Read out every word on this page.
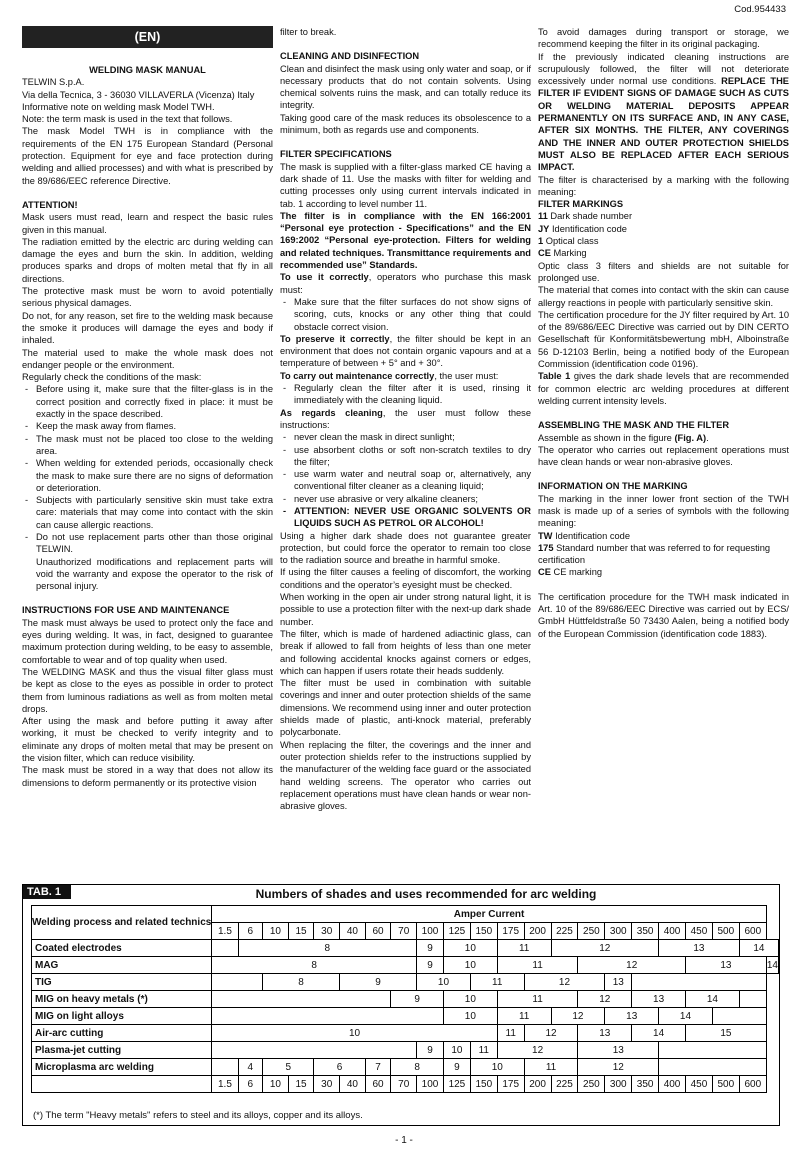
Cod.954433
(EN)

WELDING MASK MANUAL

TELWIN S.p.A.

Via della Tecnica, 3 - 36030 VILLAVERLA (Vicenza) Italy

Informative note on welding mask Model TWH.

Note: the term mask is used in the text that follows.

The mask Model TWH is in compliance with the requirements of the EN 175 European Standard (Personal protection. Equipment for eye and face protection during welding and allied processes) and with what is prescribed by the 89/686/EEC reference Directive.

ATTENTION!

Mask users must read, learn and respect the basic rules given in this manual.

The radiation emitted by the electric arc during welding can damage the eyes and burn the skin. In addition, welding produces sparks and drops of molten metal that fly in all directions.

The protective mask must be worn to avoid potentially serious physical damages.

Do not, for any reason, set fire to the welding mask because the smoke it produces will damage the eyes and body if inhaled.

The material used to make the whole mask does not endanger people or the environment.

Regularly check the conditions of the mask:

- Before using it, make sure that the filter-glass is in the correct position and correctly fixed in place: it must be exactly in the space described.
- Keep the mask away from flames.
- The mask must not be placed too close to the welding area.
- When welding for extended periods, occasionally check the mask to make sure there are no signs of deformation or deterioration.
- Subjects with particularly sensitive skin must take extra care: materials that may come into contact with the skin can cause allergic reactions.
- Do not use replacement parts other than those original TELWIN.

Unauthorized modifications and replacement parts will void the warranty and expose the operator to the risk of personal injury.

INSTRUCTIONS FOR USE AND MAINTENANCE

The mask must always be used to protect only the face and eyes during welding. It was, in fact, designed to guarantee maximum protection during welding, to be easy to assemble, comfortable to wear and of top quality when used.

The WELDING MASK and thus the visual filter glass must be kept as close to the eyes as possible in order to protect them from luminous radiations as well as from molten metal drops.

After using the mask and before putting it away after working, it must be checked to verify integrity and to eliminate any drops of molten metal that may be present on the vision filter, which can reduce visibility.

The mask must be stored in a way that does not allow its dimensions to deform permanently or its protective vision

filter to break.

CLEANING AND DISINFECTION

Clean and disinfect the mask using only water and soap, or if necessary products that do not contain solvents. Using chemical solvents ruins the mask, and can totally reduce its integrity.

Taking good care of the mask reduces its obsolescence to a minimum, both as regards use and components.

FILTER SPECIFICATIONS

The mask is supplied with a filter-glass marked CE having a dark shade of 11. Use the masks with filter for welding and cutting processes only using current intervals indicated in tab. 1 according to level number 11.

The filter is in compliance with the EN 166:2001 “Personal eye protection - Specifications” and the EN 169:2002 “Personal eye-protection. Filters for welding and related techniques. Transmittance requirements and recommended use” Standards.

To use it correctly, operators who purchase this mask must:

- Make sure that the filter surfaces do not show signs of scoring, cuts, knocks or any other thing that could obstacle correct vision.

To preserve it correctly, the filter should be kept in an environment that does not contain organic vapours and at a temperature of between + 5° and + 30°.

To carry out maintenance correctly, the user must:

- Regularly clean the filter after it is used, rinsing it immediately with the cleaning liquid.

As regards cleaning, the user must follow these instructions:

- never clean the mask in direct sunlight;
- use absorbent cloths or soft non-scratch textiles to dry the filter;
- use warm water and neutral soap or, alternatively, any conventional filter cleaner as a cleaning liquid;
- never use abrasive or very alkaline cleaners;
- ATTENTION: NEVER USE ORGANIC SOLVENTS OR LIQUIDS SUCH AS PETROL OR ALCOHOL!

Using a higher dark shade does not guarantee greater protection, but could force the operator to remain too close to the radiation source and breathe in harmful smoke.

If using the filter causes a feeling of discomfort, the working conditions and the operator’s eyesight must be checked.

When working in the open air under strong natural light, it is possible to use a protection filter with the next-up dark shade number.

The filter, which is made of hardened adiactinic glass, can break if allowed to fall from heights of less than one meter and following accidental knocks against corners or edges, which can happen if users rotate their heads suddenly.

The filter must be used in combination with suitable coverings and inner and outer protection shields of the same dimensions. We recommend using inner and outer protection shields made of plastic, anti-knock material, preferably polycarbonate.

When replacing the filter, the coverings and the inner and outer protection shields refer to the instructions supplied by the manufacturer of the welding face guard or the associated hand welding screens. The operator who carries out replacement operations must have clean hands or wear non-abrasive gloves.

To avoid damages during transport or storage, we recommend keeping the filter in its original packaging.

If the previously indicated cleaning instructions are scrupulously followed, the filter will not deteriorate excessively under normal use conditions. REPLACE THE FILTER IF EVIDENT SIGNS OF DAMAGE SUCH AS CUTS OR WELDING MATERIAL DEPOSITS APPEAR PERMANENTLY ON ITS SURFACE AND, IN ANY CASE, AFTER SIX MONTHS. THE FILTER, ANY COVERINGS AND THE INNER AND OUTER PROTECTION SHIELDS MUST ALSO BE REPLACED AFTER EACH SERIOUS IMPACT.

The filter is characterised by a marking with the following meaning:

FILTER MARKINGS

11 Dark shade number

JY Identification code

1 Optical class

CE Marking

Optic class 3 filters and shields are not suitable for prolonged use.

The material that comes into contact with the skin can cause allergy reactions in people with particularly sensitive skin.

The certification procedure for the JY filter required by Art. 10 of the 89/686/EEC Directive was carried out by DIN CERTO Gesellschaft für Konformitätsbewertung mbH, Alboinstraße 56 D-12103 Berlin, being a notified body of the European Commission (identification code 0196).

Table 1 gives the dark shade levels that are recommended for common electric arc welding procedures at different welding current intensity levels.

ASSEMBLING THE MASK AND THE FILTER

Assemble as shown in the figure (Fig. A).

The operator who carries out replacement operations must have clean hands or wear non-abrasive gloves.

INFORMATION ON THE MARKING

The marking in the inner lower front section of the TWH mask is made up of a series of symbols with the following meaning:

TW Identification code

175 Standard number that was referred to for requesting certification

CE CE marking

The certification procedure for the TWH mask indicated in Art. 10 of the 89/686/EEC Directive was carried out by ECS/ GmbH Hüttfeldstraße 50 73430 Aalen, being a notified body of the European Commission (identification code 1883).

TAB. 1	Numbers of shades and uses recommended for arc welding
Welding process and related technics	Amper Current																					
	1.5	6	10	15	30	40	60	70	100	125	150	175	200	225	250	300	350	400	450	500	600	
Coated electrodes		8							9	10		11		12				13			14	
MAG	8								9	10		11			12				13			14
TIG			8			9			10		11		12			13						
MIG on heavy metals (*)								9		10		11			12		13		14			
MIG on light alloys										10		11		12		13		14				
Air-arc cutting	10											11	12		13		14		15			
Plasma-jet cutting									9	10	11	12			13							
Microplasma arc welding		4	5		6		7	8		9	10		11		12							
	1.5	6	10	15	30	40	60	70	100	125	150	175	200	225	250	300	350	400	450	500	600	
(*) The term "Heavy metals" refers to steel and its alloys, copper and its alloys.
- 1 -
